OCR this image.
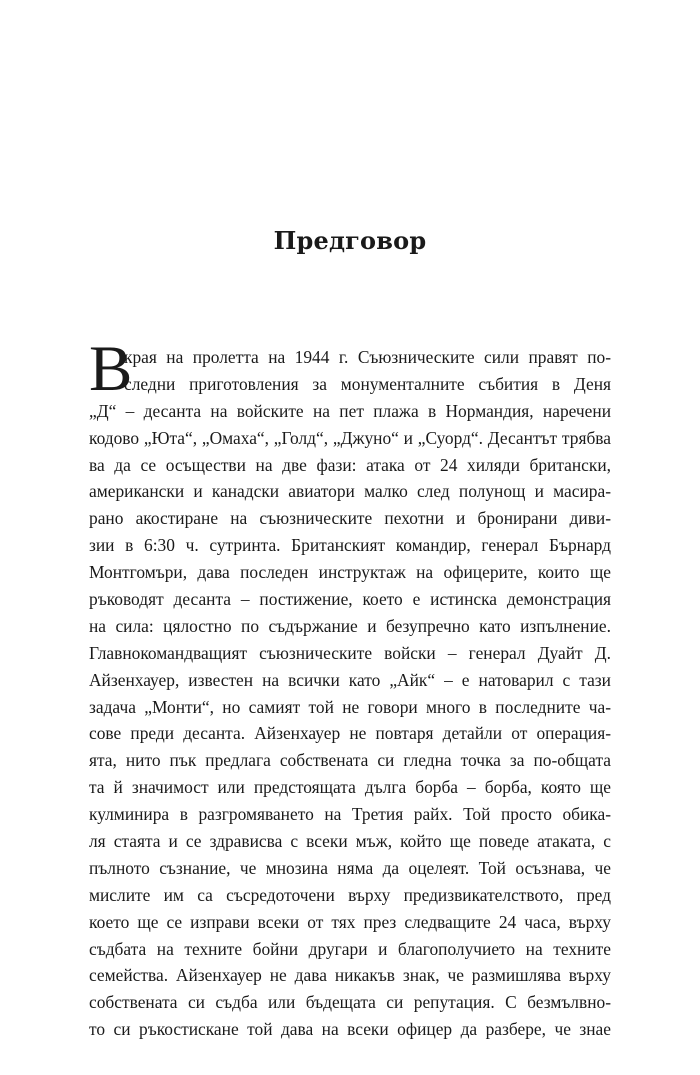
Предговор
В
края на пролетта на 1944 г. Съюзническите сили правят по-
следни приготовления за монументалните събития в Деня
„Д“ – десанта на войските на пет плажа в Нормандия, наречени
кодово „Юта“, „Омаха“, „Голд“, „Джуно“ и „Суорд“. Десантът трябва
ва да се осъществи на две фази: атака от 24 хиляди британски,
американски и канадски авиатори малко след полунощ и масира-
рано акостиране на съюзническите пехотни и бронирани диви-
зии в 6:30 ч. сутринта. Британският командир, генерал Бърнард
Монтгомъри, дава последен инструктаж на офицерите, които ще
ръководят десанта – постижение, което е истинска демонстрация
на сила: цялостно по съдържание и безупречно като изпълнение.
Главнокомандващият съюзническите войски – генерал Дуайт Д.
Айзенхауер, известен на всички като „Айк“ – е натоварил с тази
задача „Монти“, но самият той не говори много в последните ча-
сове преди десанта. Айзенхауер не повтаря детайли от операция-
ята, нито пък предлага собствената си гледна точка за по-общата
та й значимост или предстоящата дълга борба – борба, която ще
кулминира в разгромяването на Третия райх. Той просто обика-
ля стаята и се здрависва с всеки мъж, който ще поведе атаката, с
пълното съзнание, че мнозина няма да оцелеят. Той осъзнава, че
мислите им са съсредоточени върху предизвикателството, пред
което ще се изправи всеки от тях през следващите 24 часа, върху
съдбата на техните бойни другари и благополучието на техните
семейства. Айзенхауер не дава никакъв знак, че размишлява върху
собствената си съдба или бъдещата си репутация. С безмълвно-
то си ръкостискане той дава на всеки офицер да разбере, че знае
